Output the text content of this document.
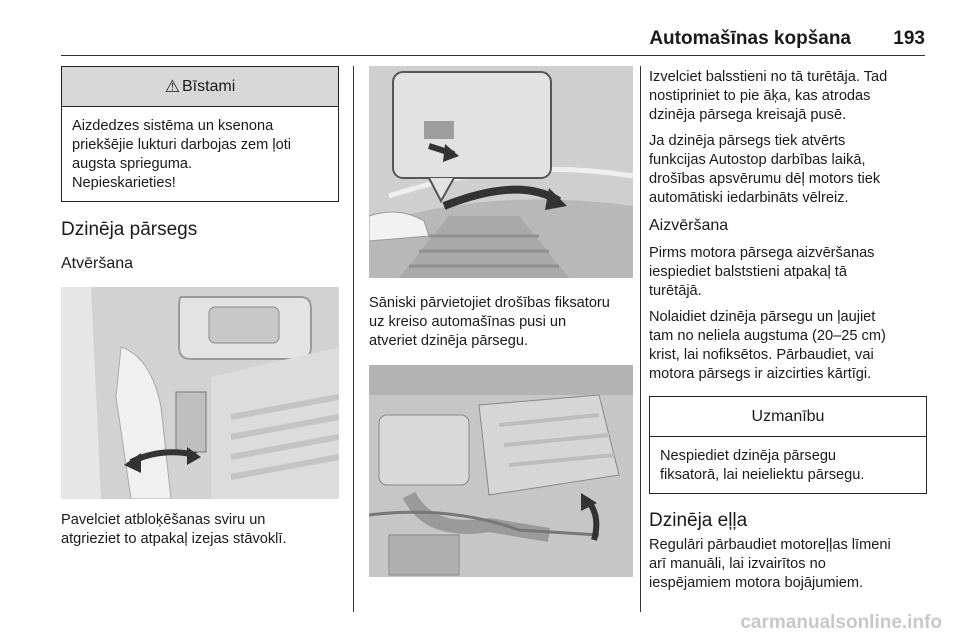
Automašīnas kopšana 193
⚠ Bīstami
Aizdedzes sistēma un ksenona
priekšējie lukturi darbojas zem ļoti
augsta sprieguma.
Nepieskarieties!
Dzinēja pārsegs
Atvēršana

Pavelciet atbloķēšanas sviru un
atgrieziet to atpakaļ izejas stāvoklī.

Sāniski pārvietojiet drošības fiksatoru
uz kreiso automašīnas pusi un
atveriet dzinēja pārsegu.

Izvelciet balsstieni no tā turētāja. Tad
nostipriniet to pie āķa, kas atrodas
dzinēja pārsega kreisajā pusē.

Ja dzinēja pārsegs tiek atvērts
funkcijas Autostop darbības laikā,
drošības apsvērumu dēļ motors tiek
automātiski iedarbināts vēlreiz.

Aizvēršana

Pirms motora pārsega aizvēršanas
iespiediet balststieni atpakaļ tā
turētājā.

Nolaidiet dzinēja pārsegu un ļaujiet
tam no neliela augstuma (20–25 cm)
krist, lai nofiksētos. Pārbaudiet, vai
motora pārsegs ir aizcirties kārtīgi.

Uzmanību
Nespiediet dzinēja pārsegu
fiksatorā, lai neieliektu pārsegu.
Dzinēja eļļa

Regulāri pārbaudiet motoreļļas līmeni
arī manuāli, lai izvairītos no
iespējamiem motora bojājumiem.

carmanualsonline.info
